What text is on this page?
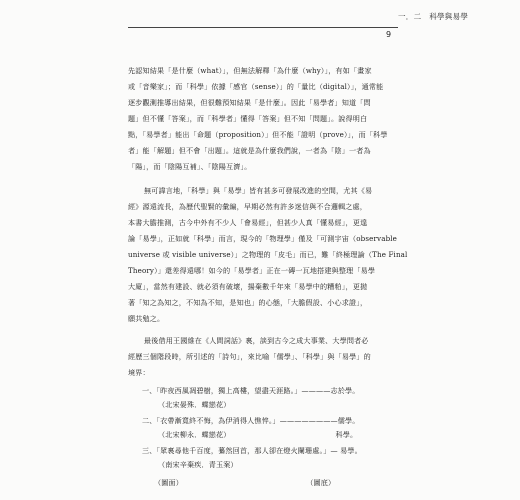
一．二　科學與易學
9
先認知結果「是什麼（what）」，但無法解釋「為什麼（why）」，有如「畫家
或「音樂家」；而「科學」依據「感官（sense）」的「量比（digital）」，通常能
逐步觀測推導出結果，但很難預知結果「是什麼」。因此「易學者」知道「問
題」但不懂「答案」，而「科學者」懂得「答案」但不知「問題」。說得明白
點，「易學者」能出「命題（proposition）」但不能「證明（prove）」，而「科學
者」能「解題」但不會「出題」。這就是為什麼我們說，一者為「陰」一者為
「陽」，而「陰陽互補」、「陰陽互濟」。
無可諱言地，「科學」與「易學」皆有甚多可發展改進的空間，尤其《易
經》源遠流長，為歷代聖賢的彙編，早期必然有許多迷信與不合邏輯之處，
本書大膽推測，古今中外有不少人「會易經」，但甚少人真「懂易經」，更遑
論「易學」，正如就「科學」而言，現今的「物理學」僅及「可測宇宙（observable
universe 或 visible universe）」之物理的「皮毛」而已，難「終極理論（The Final
Theory）」還差得遠哪！如今的「易學者」正在一磚一瓦地搭建與整理「易學
大廈」，當然有建設、就必須有破壞，揚棄數千年來「易學中的糟粕」，更拋
著「知之為知之，不知為不知，是知也」的心態，「大膽假設、小心求證」，
願共勉之。
最後借用王國維在《人間詞話》裏，談到古今之成大事業、大學問者必
經歷三個階段時，所引述的「詩句」，來比喻「儒學」、「科學」與「易學」的
境界：
一、「昨夜西風凋碧樹，獨上高樓，望盡天涯路。」————志於學。
（北宋晏殊．蝶戀花）
二、「衣帶漸寬終不悔，為伊消得人憔悴。」————————儒學。
（北宋柳永．蝶戀花）　　　　　　　　　　　　　　　科學。
三、「眾裏尋他千百度，驀然回首，那人卻在燈火闌珊處。」— 易學。
（南宋辛棄疾．青玉案）
（圖面）　　　　　　　　　　　　　　　　　　（圖底）
